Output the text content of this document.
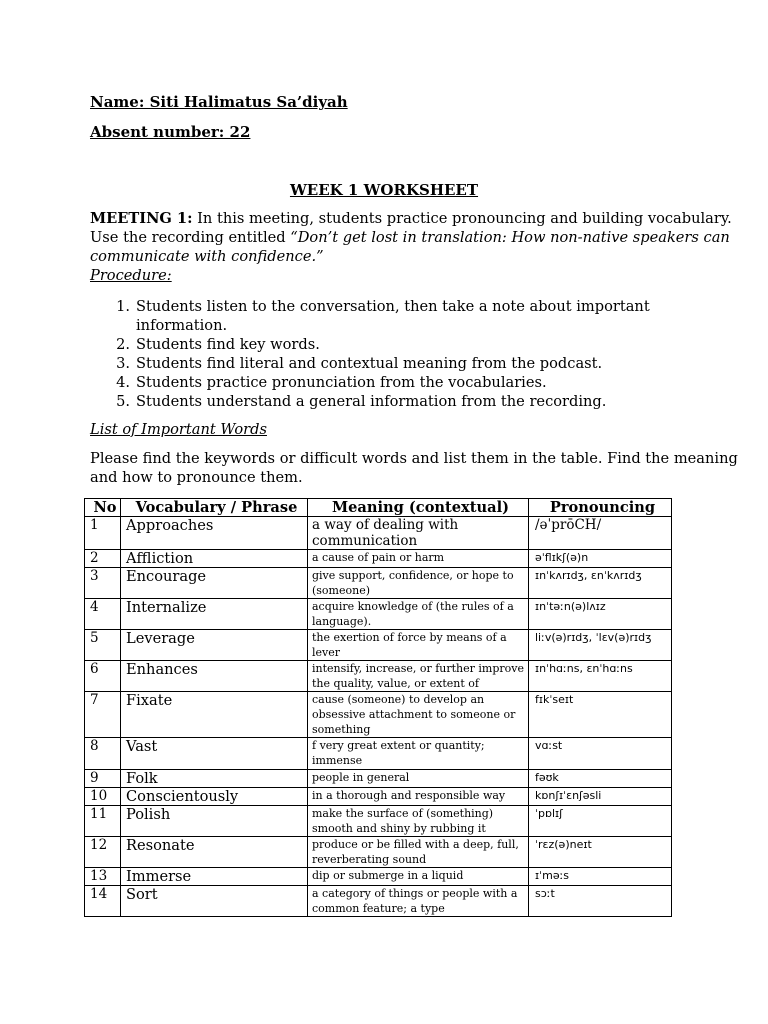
Name: Siti Halimatus Sa’diyah
Absent number: 22
WEEK 1 WORKSHEET
MEETING 1: In this meeting, students practice pronouncing and building vocabulary.
Use the recording entitled “Don’t get lost in translation: How non-native speakers can
communicate with confidence.”
Procedure:
1. Students listen to the conversation, then take a note about important
information.
2. Students find key words.
3. Students find literal and contextual meaning from the podcast.
4. Students practice pronunciation from the vocabularies.
5. Students understand a general information from the recording.
List of Important Words
Please find the keywords or difficult words and list them in the table. Find the meaning
and how to pronounce them.
No	Vocabulary / Phrase	Meaning (contextual)	Pronouncing
1	Approaches	a way of dealing with communication	/əˈprōCH/
2	Affliction	a cause of pain or harm	əˈflɪkʃ(ə)n
3	Encourage	give support, confidence, or hope to (someone)	ɪnˈkʌrɪdʒ, ɛnˈkʌrɪdʒ
4	Internalize	acquire knowledge of (the rules of a language).	ɪnˈtəːn(ə)lʌɪz
5	Leverage	the exertion of force by means of a lever	liːv(ə)rɪdʒ, ˈlɛv(ə)rɪdʒ
6	Enhances	intensify, increase, or further improve the quality, value, or extent of	ɪnˈhɑːns, ɛnˈhɑːns
7	Fixate	cause (someone) to develop an obsessive attachment to someone or something	fɪkˈseɪt
8	Vast	f very great extent or quantity; immense	vɑːst
9	Folk	people in general	fəʊk
10	Conscientously	in a thorough and responsible way	kɒnʃɪˈɛnʃəsli
11	Polish	make the surface of (something) smooth and shiny by rubbing it	ˈpɒlɪʃ
12	Resonate	produce or be filled with a deep, full, reverberating sound	ˈrɛz(ə)neɪt
13	Immerse	dip or submerge in a liquid	ɪˈməːs
14	Sort	a category of things or people with a common feature; a type	sɔːt
